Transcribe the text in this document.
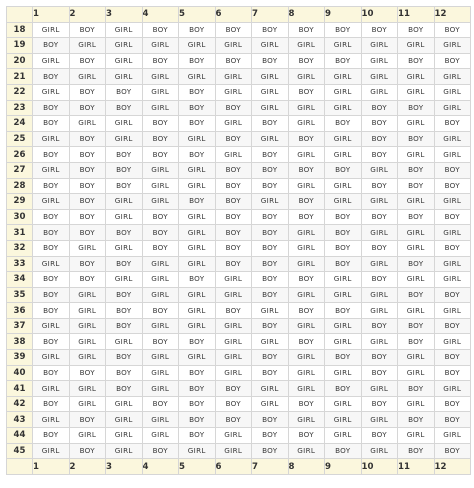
	1	2	3	4	5	6	7	8	9	10	11	12
18	GIRL	BOY	GIRL	BOY	BOY	BOY	BOY	BOY	BOY	BOY	BOY	BOY
19	BOY	GIRL	GIRL	GIRL	GIRL	GIRL	GIRL	GIRL	GIRL	GIRL	GIRL	GIRL
20	GIRL	BOY	GIRL	BOY	BOY	BOY	BOY	BOY	BOY	GIRL	BOY	BOY
21	BOY	GIRL	GIRL	GIRL	GIRL	GIRL	GIRL	GIRL	GIRL	GIRL	GIRL	GIRL
22	GIRL	BOY	BOY	GIRL	BOY	GIRL	GIRL	BOY	GIRL	GIRL	GIRL	GIRL
23	BOY	BOY	BOY	GIRL	BOY	BOY	GIRL	GIRL	GIRL	BOY	BOY	GIRL
24	BOY	GIRL	GIRL	BOY	BOY	GIRL	BOY	GIRL	BOY	BOY	GIRL	BOY
25	GIRL	BOY	GIRL	BOY	GIRL	BOY	GIRL	BOY	GIRL	BOY	BOY	GIRL
26	BOY	BOY	BOY	BOY	BOY	GIRL	BOY	GIRL	GIRL	BOY	GIRL	GIRL
27	GIRL	BOY	BOY	GIRL	GIRL	BOY	BOY	BOY	BOY	GIRL	BOY	BOY
28	BOY	BOY	BOY	GIRL	GIRL	BOY	BOY	GIRL	GIRL	BOY	BOY	BOY
29	GIRL	BOY	GIRL	GIRL	BOY	BOY	GIRL	BOY	GIRL	GIRL	GIRL	GIRL
30	BOY	BOY	GIRL	BOY	GIRL	BOY	BOY	BOY	BOY	BOY	BOY	BOY
31	BOY	BOY	BOY	BOY	GIRL	BOY	BOY	GIRL	BOY	GIRL	GIRL	GIRL
32	BOY	GIRL	GIRL	BOY	GIRL	BOY	BOY	GIRL	BOY	BOY	GIRL	BOY
33	GIRL	BOY	BOY	GIRL	GIRL	BOY	BOY	GIRL	BOY	GIRL	BOY	GIRL
34	BOY	BOY	GIRL	GIRL	BOY	GIRL	BOY	BOY	GIRL	BOY	GIRL	GIRL
35	BOY	GIRL	BOY	GIRL	GIRL	GIRL	BOY	GIRL	GIRL	GIRL	BOY	BOY
36	BOY	GIRL	BOY	BOY	GIRL	BOY	GIRL	BOY	BOY	GIRL	GIRL	GIRL
37	GIRL	GIRL	BOY	GIRL	GIRL	GIRL	BOY	GIRL	GIRL	BOY	BOY	BOY
38	BOY	GIRL	GIRL	BOY	BOY	GIRL	GIRL	BOY	GIRL	GIRL	BOY	GIRL
39	GIRL	GIRL	BOY	GIRL	GIRL	GIRL	BOY	GIRL	BOY	BOY	GIRL	BOY
40	BOY	BOY	BOY	GIRL	BOY	GIRL	BOY	GIRL	GIRL	BOY	GIRL	BOY
41	GIRL	GIRL	BOY	GIRL	BOY	BOY	GIRL	GIRL	BOY	GIRL	BOY	GIRL
42	BOY	GIRL	GIRL	BOY	BOY	BOY	GIRL	BOY	GIRL	BOY	GIRL	BOY
43	GIRL	BOY	GIRL	GIRL	BOY	BOY	BOY	GIRL	GIRL	GIRL	BOY	BOY
44	BOY	GIRL	GIRL	GIRL	BOY	GIRL	BOY	BOY	GIRL	BOY	GIRL	GIRL
45	GIRL	BOY	GIRL	BOY	GIRL	GIRL	BOY	GIRL	BOY	GIRL	BOY	BOY
	1	2	3	4	5	6	7	8	9	10	11	12
